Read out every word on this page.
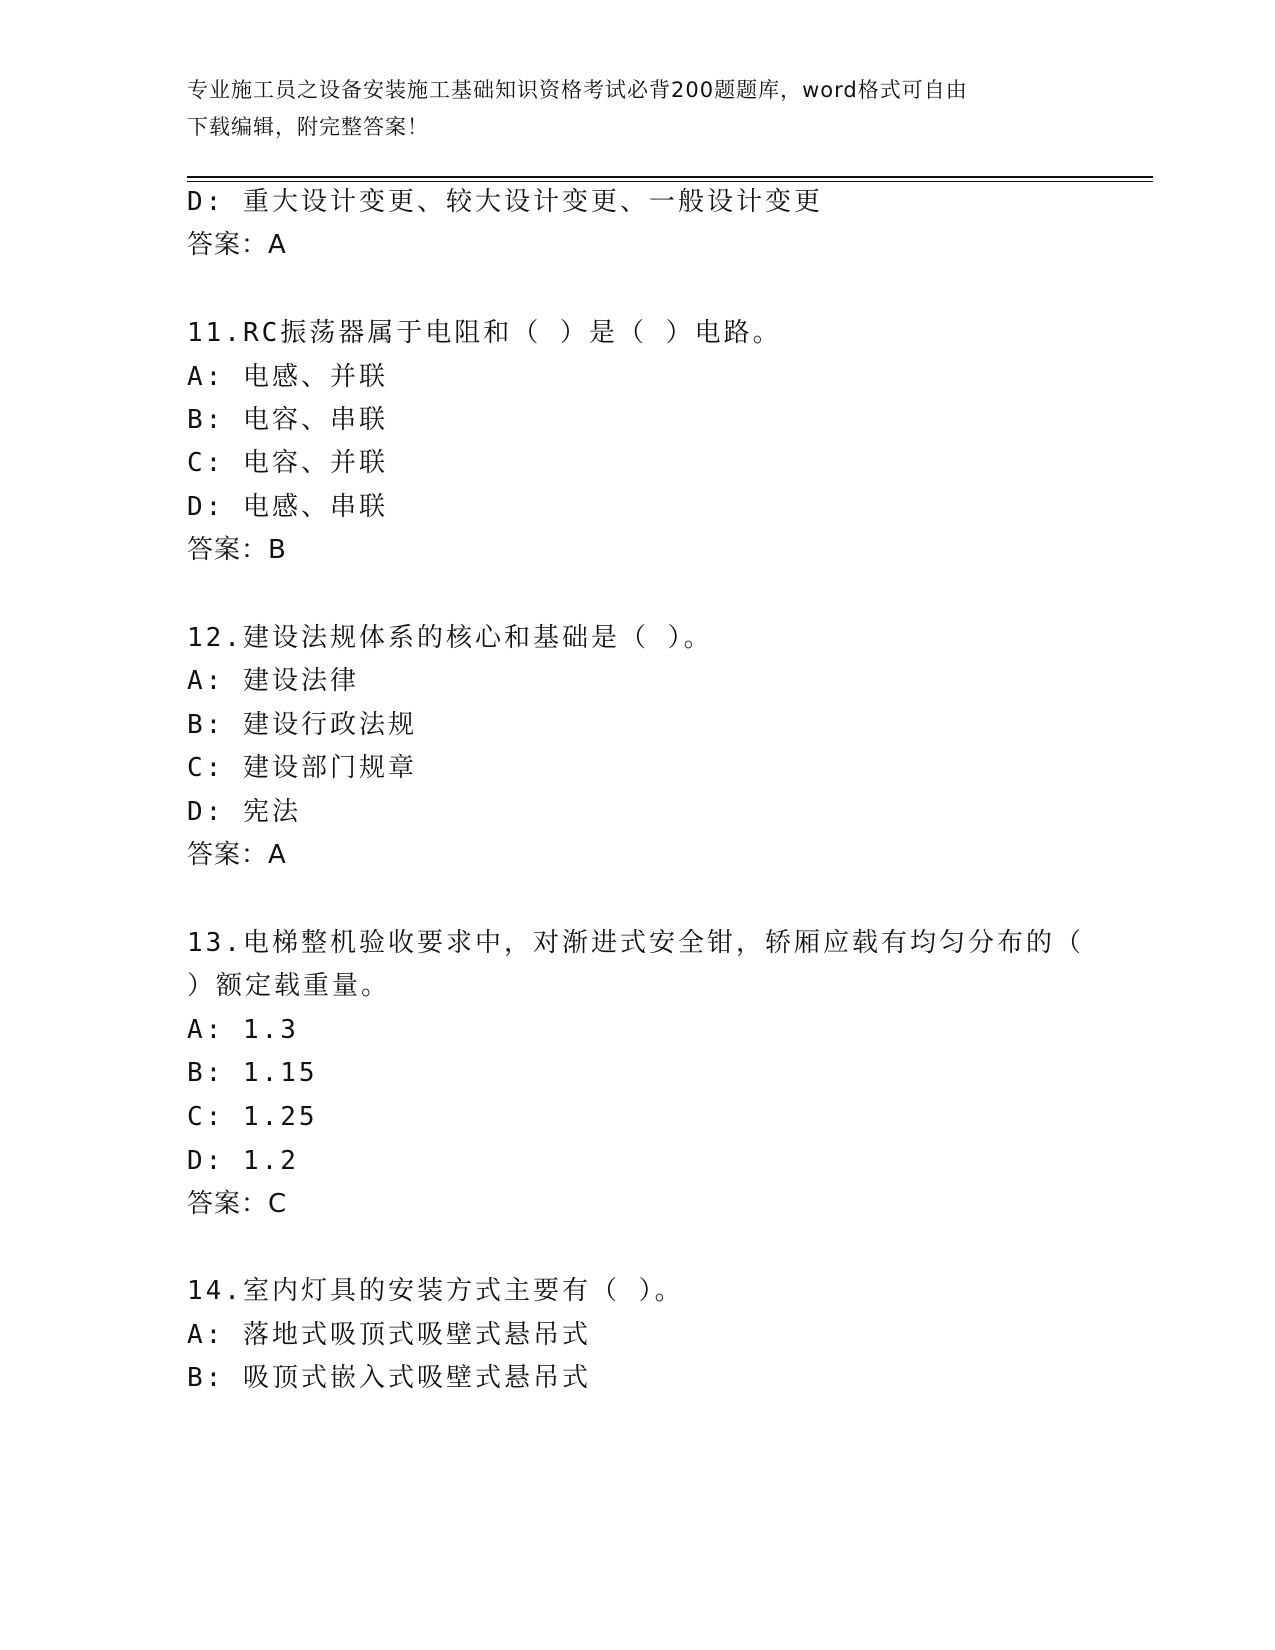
专业施工员之设备安装施工基础知识资格考试必背200题题库，word格式可自由
下载编辑，附完整答案！
D: 重大设计变更、较大设计变更、一般设计变更
答案：A
11.RC振荡器属于电阻和（ ）是（ ）电路。
A: 电感、并联
B: 电容、串联
C: 电容、并联
D: 电感、串联
答案：B
12.建设法规体系的核心和基础是（ ）。
A: 建设法律
B: 建设行政法规
C: 建设部门规章
D: 宪法
答案：A
13.电梯整机验收要求中，对渐进式安全钳，轿厢应载有均匀分布的（
）额定载重量。
A: 1.3
B: 1.15
C: 1.25
D: 1.2
答案：C
14.室内灯具的安装方式主要有（ ）。
A: 落地式吸顶式吸壁式悬吊式
B: 吸顶式嵌入式吸壁式悬吊式
